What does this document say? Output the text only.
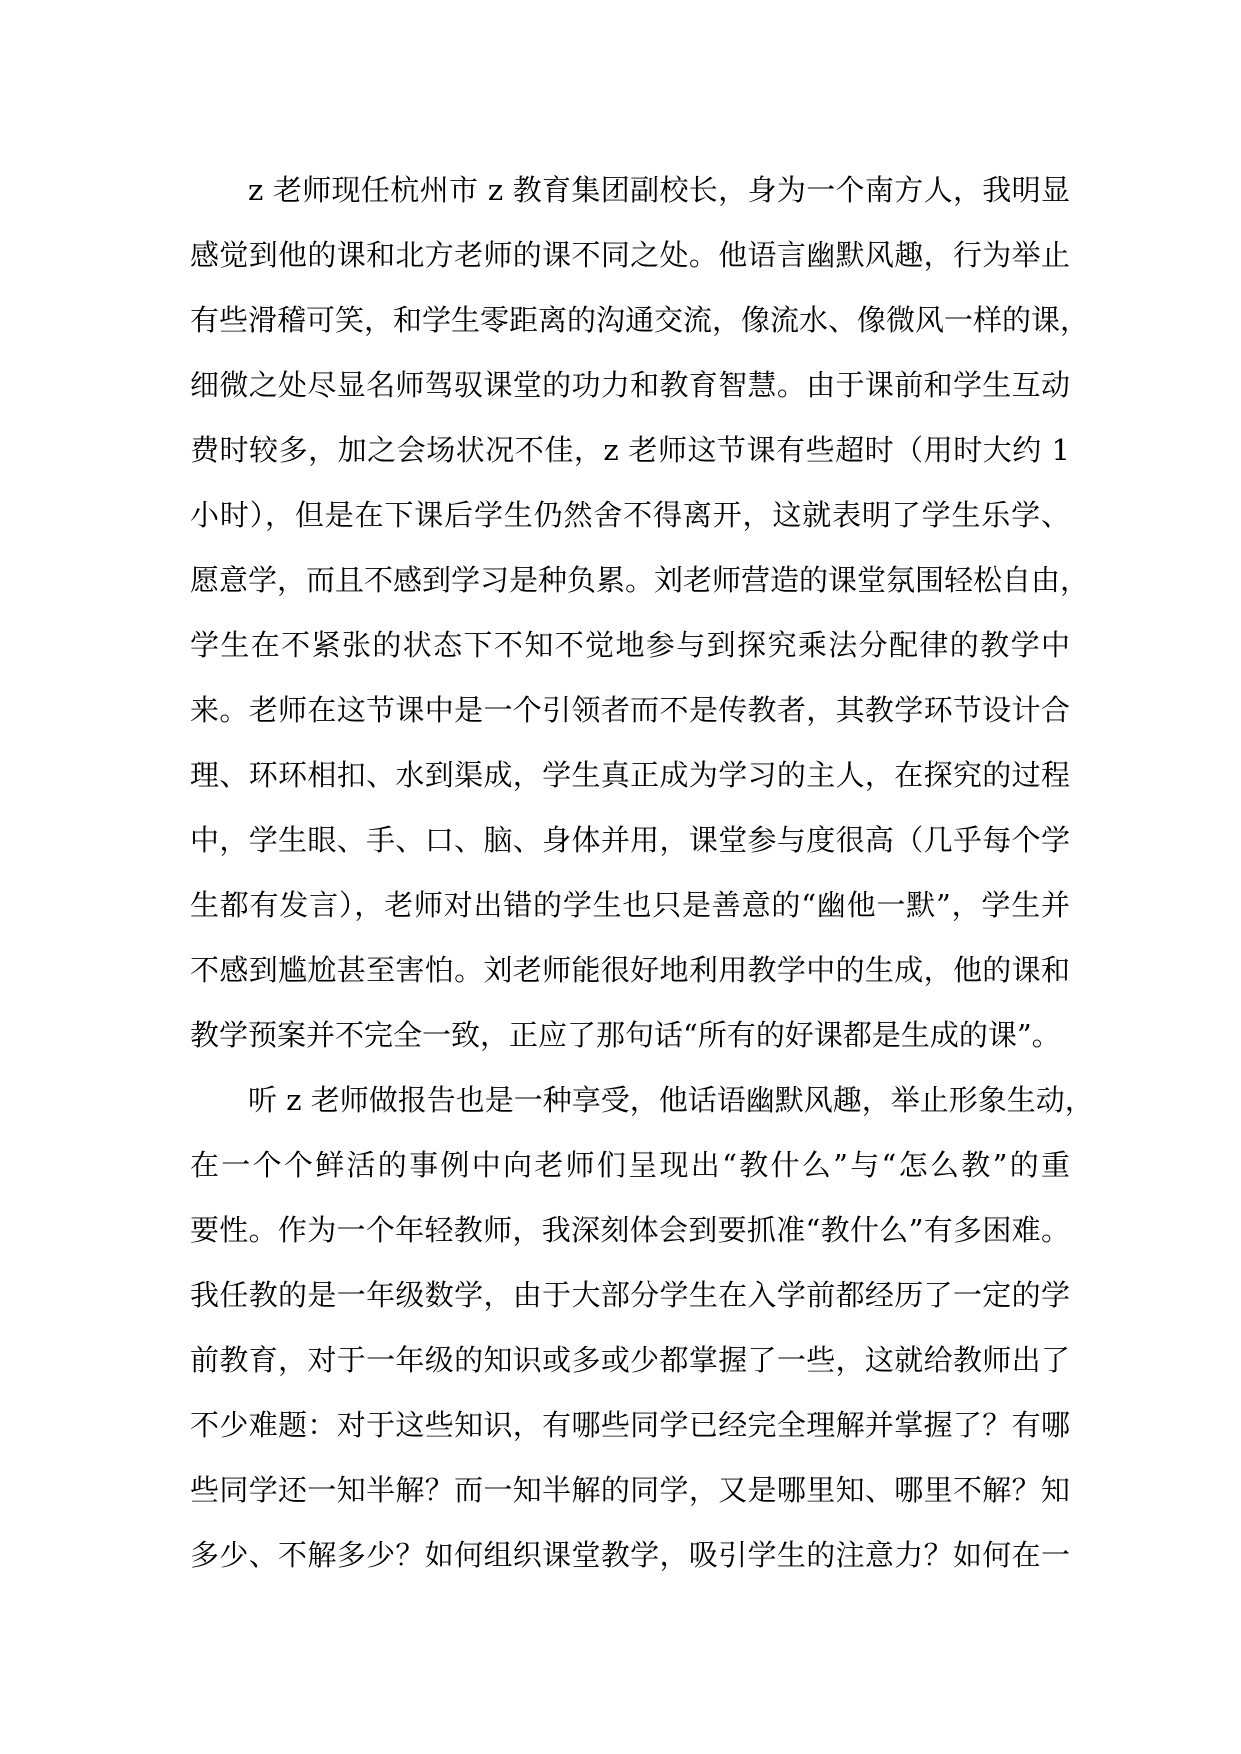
z 老师现任杭州市 z 教育集团副校长，身为一个南方人，我明显
感觉到他的课和北方老师的课不同之处。他语言幽默风趣，行为举止
有些滑稽可笑，和学生零距离的沟通交流，像流水、像微风一样的课，
细微之处尽显名师驾驭课堂的功力和教育智慧。由于课前和学生互动
费时较多，加之会场状况不佳，z 老师这节课有些超时（用时大约 1
小时），但是在下课后学生仍然舍不得离开，这就表明了学生乐学、
愿意学，而且不感到学习是种负累。刘老师营造的课堂氛围轻松自由，
学生在不紧张的状态下不知不觉地参与到探究乘法分配律的教学中
来。老师在这节课中是一个引领者而不是传教者，其教学环节设计合
理、环环相扣、水到渠成，学生真正成为学习的主人，在探究的过程
中，学生眼、手、口、脑、身体并用，课堂参与度很高（几乎每个学
生都有发言），老师对出错的学生也只是善意的“幽他一默”，学生并
不感到尴尬甚至害怕。刘老师能很好地利用教学中的生成，他的课和
教学预案并不完全一致，正应了那句话“所有的好课都是生成的课”。
听 z 老师做报告也是一种享受，他话语幽默风趣，举止形象生动，
在一个个鲜活的事例中向老师们呈现出“教什么”与“怎么教”的重
要性。作为一个年轻教师，我深刻体会到要抓准“教什么”有多困难。
我任教的是一年级数学，由于大部分学生在入学前都经历了一定的学
前教育，对于一年级的知识或多或少都掌握了一些，这就给教师出了
不少难题：对于这些知识，有哪些同学已经完全理解并掌握了？有哪
些同学还一知半解？而一知半解的同学，又是哪里知、哪里不解？知
多少、不解多少？如何组织课堂教学，吸引学生的注意力？如何在一
